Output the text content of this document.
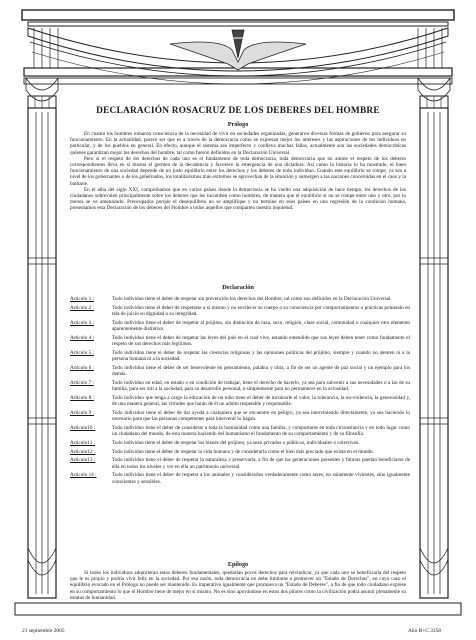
DECLARACIÓN ROSACRUZ DE LOS DEBERES DEL HOMBRE
Prólogo

En cuanto los hombres tomaron consciencia de la necesidad de vivir en sociedades organizadas, generaron diversas formas de gobierno para asegurar su funcionamiento. En la actualidad, parece ser que es a través de la democracia como se expresan mejor los intereses y las aspiraciones de los individuos en particular, y de los pueblos en general. En efecto, aunque el sistema sea imperfecto y conlleva muchas fallas, actualmente son las sociedades democráticas quienes garantizan mejor los derechos del hombre, tal como fueron definidos en la Declaración Universal.

Pero si el respeto de los derechos de cada uno es el fundamento de toda democracia, toda democracia que no anime el respeto de los deberes correspondientes lleva en sí misma el germen de la decadencia y favorece la emergencia de una dictadura. Así como la historia lo ha mostrado, el buen funcionamiento de una sociedad depende de un justo equilibrio entre los derechos y los deberes de todo individuo. Cuando este equilibrio se rompe, ya sea a nivel de los gobernantes o de los gobernados, los totalitarismos más extremos se aprovechan de la situación y sumergen a las naciones concernidas en el caos y la barbarie.

En el alba del siglo XXI, comprobamos que en varios países donde la democracia se ha vuelto una adquisición de hace tiempo, los derechos de los ciudadanos sobrevalen principalmente sobre los deberes que les incumben como hombres, de manera que el equilibrio si no se rompe entre uno y otro, por lo menos se ve amenazado. Preocupados porque el desequilibrio no se amplifique y no termine en esos países en una regresión de la condición humana, presentamos esta Declaración de los deberes del Hombre a todos aquellos que comparten nuestra inquietud.

Declaración
Artículo 1 :	Todo individuo tiene el deber de respetar sin prevención los derechos del Hombre, tal como son definidos en la Declaración Universal.
Artículo 2 :	Todo individuo tiene el deber de respetarse a sí mismo y no envilecer su cuerpo o su consciencia por comportamientos o prácticas poniendo en tela de juicio su dignidad o su integridad.
Artículo 3 :	Todo individuo tiene el deber de respetar al prójimo, sin distinción de raza, sexo, religión, clase social, comunidad o cualquier otro elemento aparentemente distintivo.
Artículo 4 :	Todo individuo tiene el deber de respetar las leyes del país en el cual vive, estando entendido que sus leyes deben tener como fundamento el respeto de sus derechos más legítimos.
Artículo 5 :	Todo individuo tiene el deber de respetar las creencias religiosas y las opiniones políticas del prójimo, siempre y cuando no atenten ni a la persona humana ni a la sociedad.
Artículo 6 :	Todo individuo tiene el deber de ser benevolente en pensamiento, palabra y obra, a fin de ser un agente de paz social y un ejemplo para los demás.
Artículo 7 :	Todo individuo en edad, en estado o en condición de trabajar, tiene el derecho de hacerlo, ya sea para subvenir a sus necesidades o a las de su familia, para ser útil a la sociedad, para su desarrollo personal, o simplemente para no permanecer en la ociosidad.
Artículo 8 :	Todo individuo que tenga a cargo la educación de un niño tiene el deber de inculcarle el valor, la tolerancia, la no-violencia, la generosidad y, de una manera general, las virtudes que harán de él un adulto respetable y responsable.
Artículo 9 :	Todo individuo tiene el deber de dar ayuda a cualquiera que se encuentre en peligro, ya sea interviniendo directamente, ya sea haciendo lo necesario para que las personas competentes para intervenir lo hagan.
Artículo10 :	Todo individuo tiene el deber de considerar a toda la humanidad como una familia, y comportarse en toda circunstancia y en todo lugar como un ciudadano del mundo, de esta manera haciendo del humanismo el fundamento de su comportamiento y de su filosofía.
Artículo11 :	Todo individuo tiene el deber de respetar los bienes del prójimo, ya sean privados o públicos, individuales o colectivos.
Artículo12 :	Todo individuo tiene el deber de respetar la vida humana y de considerarla como el bien más preciado que exista en el mundo.
Artículo13 :	Todo individuo tiene el deber de respetar la naturaleza y preservarla, a fin de que las generaciones presentes y futuras puedan beneficiarse de ella en todos los niveles y ver en ella un patrimonio universal.
Artículo 14 :	Todo individuo tiene el deber de respetar a los animales y considerarlos verdaderamente como seres, no solamente vivientes, sino igualmente conscientes y sensibles.
Epílogo

Si todos los individuos adquirieran estos deberes fundamentales, quedarían pocos derechos para reivindicar, ya que cada uno se beneficiaría del respeto que le es propio y podría vivir feliz en la sociedad. Por esa razón, toda democracia no debe limitarse a promover un "Estado de Derechos", en cuyo caso el equilibrio evocado en el Prólogo no puede ser mantenido. Es imperativo igualmente que promueva un "Estado de Deberes", a fin de que todo ciudadano exprese en su comportamiento lo que el Hombre tiene de mejor en sí mismo. No es sino apoyándose en estos dos pilares como la civilización podrá asumir plenamente su estatus de humanidad.

21 septiembre 2005	Año R+C 3358
